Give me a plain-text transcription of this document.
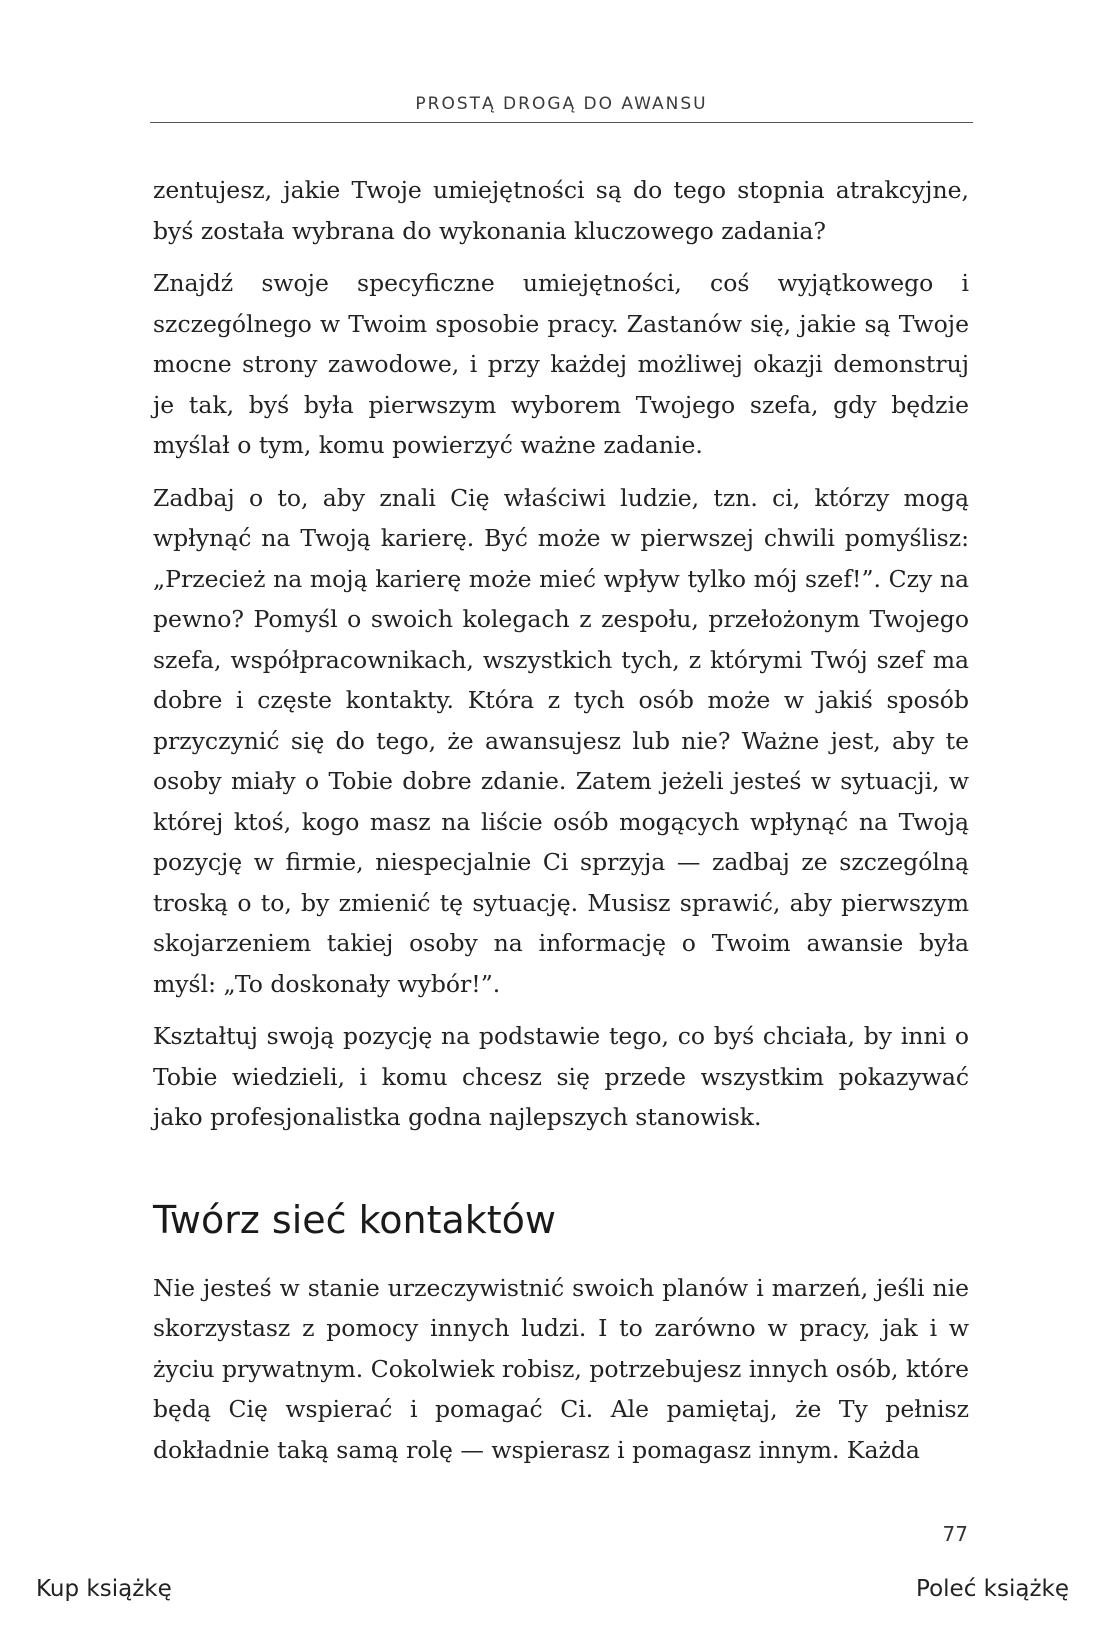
PROSTĄ DROGĄ DO AWANSU

zentujesz, jakie Twoje umiejętności są do tego stopnia atrakcyjne, byś została wybrana do wykonania kluczowego zadania?

Znajdź swoje specyficzne umiejętności, coś wyjątkowego i szczególnego w Twoim sposobie pracy. Zastanów się, jakie są Twoje mocne strony zawodowe, i przy każdej możliwej okazji demonstruj je tak, byś była pierwszym wyborem Twojego szefa, gdy będzie myślał o tym, komu powierzyć ważne zadanie.

Zadbaj o to, aby znali Cię właściwi ludzie, tzn. ci, którzy mogą wpłynąć na Twoją karierę. Być może w pierwszej chwili pomyślisz: „Przecież na moją karierę może mieć wpływ tylko mój szef!”. Czy na pewno? Pomyśl o swoich kolegach z zespołu, przełożonym Twojego szefa, współpracownikach, wszystkich tych, z którymi Twój szef ma dobre i częste kontakty. Która z tych osób może w jakiś sposób przyczynić się do tego, że awansujesz lub nie? Ważne jest, aby te osoby miały o Tobie dobre zdanie. Zatem jeżeli jesteś w sytuacji, w której ktoś, kogo masz na liście osób mogących wpłynąć na Twoją pozycję w firmie, niespecjalnie Ci sprzyja — zadbaj ze szczególną troską o to, by zmienić tę sytuację. Musisz sprawić, aby pierwszym skojarzeniem takiej osoby na informację o Twoim awansie była myśl: „To doskonały wybór!”.

Kształtuj swoją pozycję na podstawie tego, co byś chciała, by inni o Tobie wiedzieli, i komu chcesz się przede wszystkim pokazywać jako profesjonalistka godna najlepszych stanowisk.

Twórz sieć kontaktów

Nie jesteś w stanie urzeczywistnić swoich planów i marzeń, jeśli nie skorzystasz z pomocy innych ludzi. I to zarówno w pracy, jak i w życiu prywatnym. Cokolwiek robisz, potrzebujesz innych osób, które będą Cię wspierać i pomagać Ci. Ale pamiętaj, że Ty pełnisz dokładnie taką samą rolę — wspierasz i pomagasz innym. Każda

77
Kup książkę	Poleć książkę
